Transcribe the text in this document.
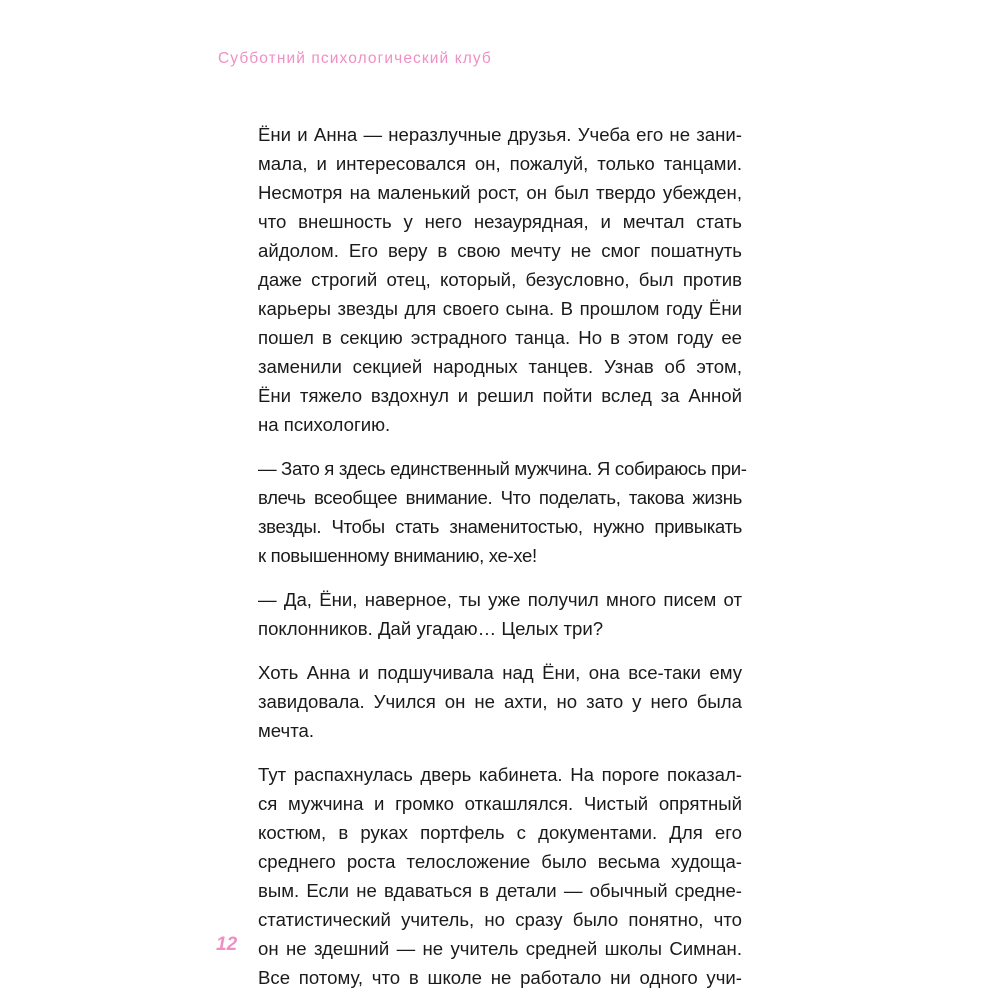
Субботний психологический клуб
Ёни и Анна — неразлучные друзья. Учеба его не зани-
мала, и интересовался он, пожалуй, только танцами.
Несмотря на маленький рост, он был твердо убежден,
что внешность у него незаурядная, и мечтал стать
айдолом. Его веру в свою мечту не смог пошатнуть
даже строгий отец, который, безусловно, был против
карьеры звезды для своего сына. В прошлом году Ёни
пошел в секцию эстрадного танца. Но в этом году ее
заменили секцией народных танцев. Узнав об этом,
Ёни тяжело вздохнул и решил пойти вслед за Анной
на психологию.
— Зато я здесь единственный мужчина. Я собираюсь при-
влечь всеобщее внимание. Что поделать, такова жизнь
звезды. Чтобы стать знаменитостью, нужно привыкать
к повышенному вниманию, хе-хе!
— Да, Ёни, наверное, ты уже получил много писем от
поклонников. Дай угадаю… Целых три?
Хоть Анна и подшучивала над Ёни, она все-таки ему
завидовала. Учился он не ахти, но зато у него была
мечта.
Тут распахнулась дверь кабинета. На пороге показал-
ся мужчина и громко откашлялся. Чистый опрятный
костюм, в руках портфель с документами. Для его
среднего роста телосложение было весьма худоща-
вым. Если не вдаваться в детали — обычный средне-
статистический учитель, но сразу было понятно, что
он не здешний — не учитель средней школы Симнан.
Все потому, что в школе не работало ни одного учи-
12
